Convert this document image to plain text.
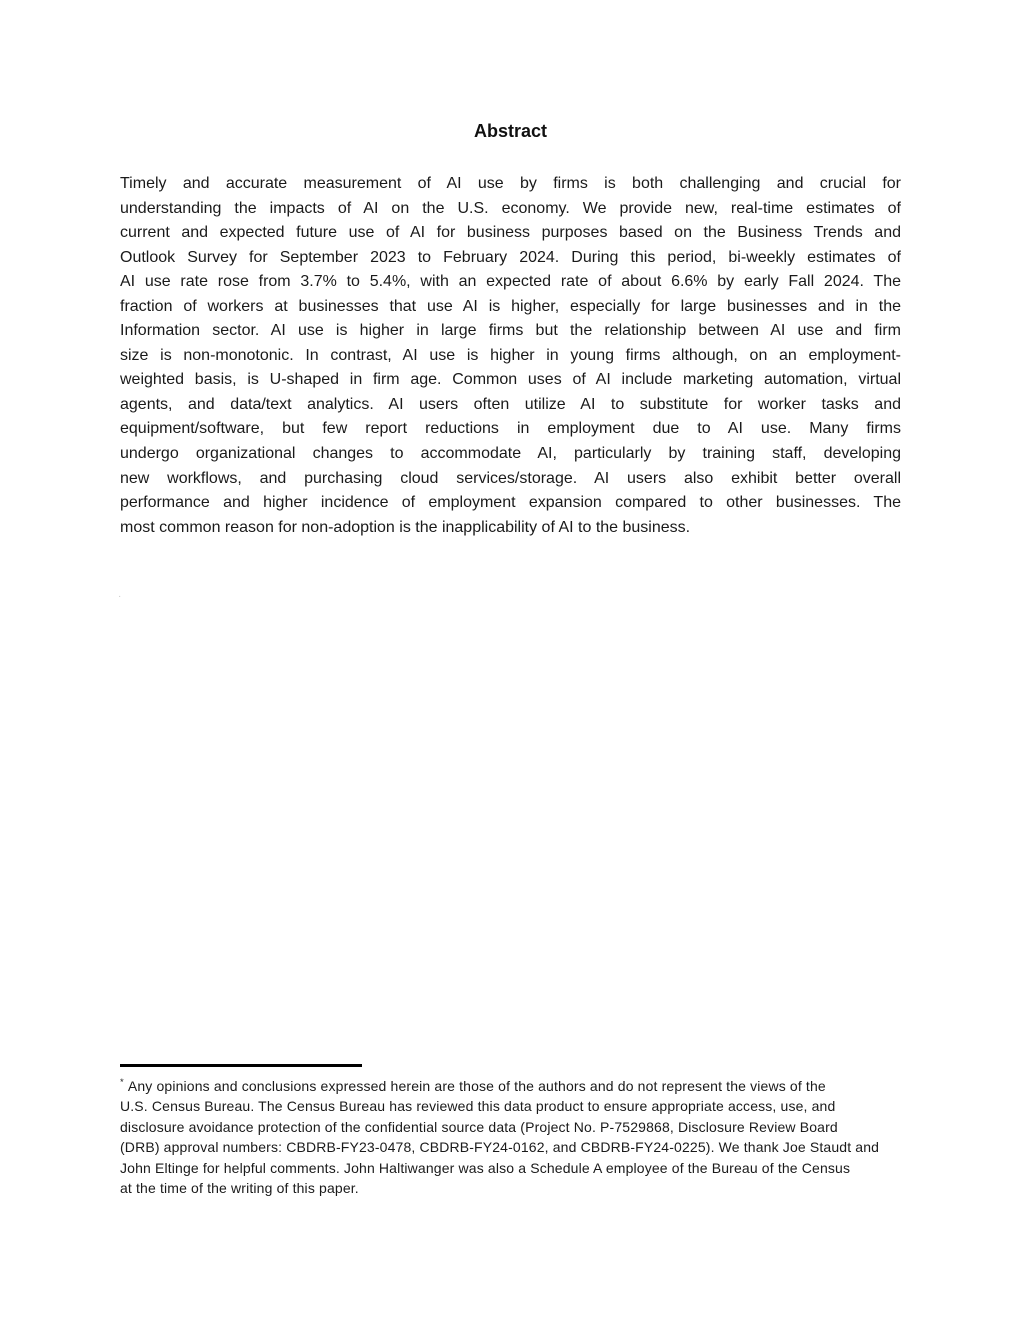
Abstract
Timely and accurate measurement of AI use by firms is both challenging and crucial for
understanding the impacts of AI on the U.S. economy. We provide new, real-time estimates of
current and expected future use of AI for business purposes based on the Business Trends and
Outlook Survey for September 2023 to February 2024. During this period, bi-weekly estimates of
AI use rate rose from 3.7% to 5.4%, with an expected rate of about 6.6% by early Fall 2024. The
fraction of workers at businesses that use AI is higher, especially for large businesses and in the
Information sector. AI use is higher in large firms but the relationship between AI use and firm
size is non-monotonic. In contrast, AI use is higher in young firms although, on an employment-
weighted basis, is U-shaped in firm age. Common uses of AI include marketing automation, virtual
agents, and data/text analytics. AI users often utilize AI to substitute for worker tasks and
equipment/software, but few report reductions in employment due to AI use. Many firms
undergo organizational changes to accommodate AI, particularly by training staff, developing
new workflows, and purchasing cloud services/storage. AI users also exhibit better overall
performance and higher incidence of employment expansion compared to other businesses. The
most common reason for non-adoption is the inapplicability of AI to the business.
·
* Any opinions and conclusions expressed herein are those of the authors and do not represent the views of the
U.S. Census Bureau. The Census Bureau has reviewed this data product to ensure appropriate access, use, and
disclosure avoidance protection of the confidential source data (Project No. P-7529868, Disclosure Review Board
(DRB) approval numbers: CBDRB-FY23-0478, CBDRB-FY24-0162, and CBDRB-FY24-0225). We thank Joe Staudt and
John Eltinge for helpful comments. John Haltiwanger was also a Schedule A employee of the Bureau of the Census
at the time of the writing of this paper.
